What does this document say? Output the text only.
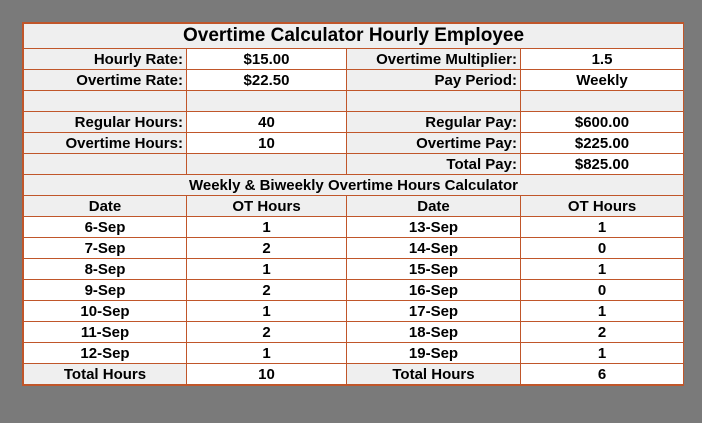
Overtime Calculator Hourly Employee			
Hourly Rate:	$15.00	Overtime Multiplier:	1.5
Overtime Rate:	$22.50	Pay Period:	Weekly

Regular Hours:	40	Regular Pay:	$600.00
Overtime Hours:	10	Overtime Pay:	$225.00
		Total Pay:	$825.00
Weekly & Biweekly Overtime Hours Calculator			
Date	OT Hours	Date	OT Hours
6-Sep	1	13-Sep	1
7-Sep	2	14-Sep	0
8-Sep	1	15-Sep	1
9-Sep	2	16-Sep	0
10-Sep	1	17-Sep	1
11-Sep	2	18-Sep	2
12-Sep	1	19-Sep	1
Total Hours	10	Total Hours	6
